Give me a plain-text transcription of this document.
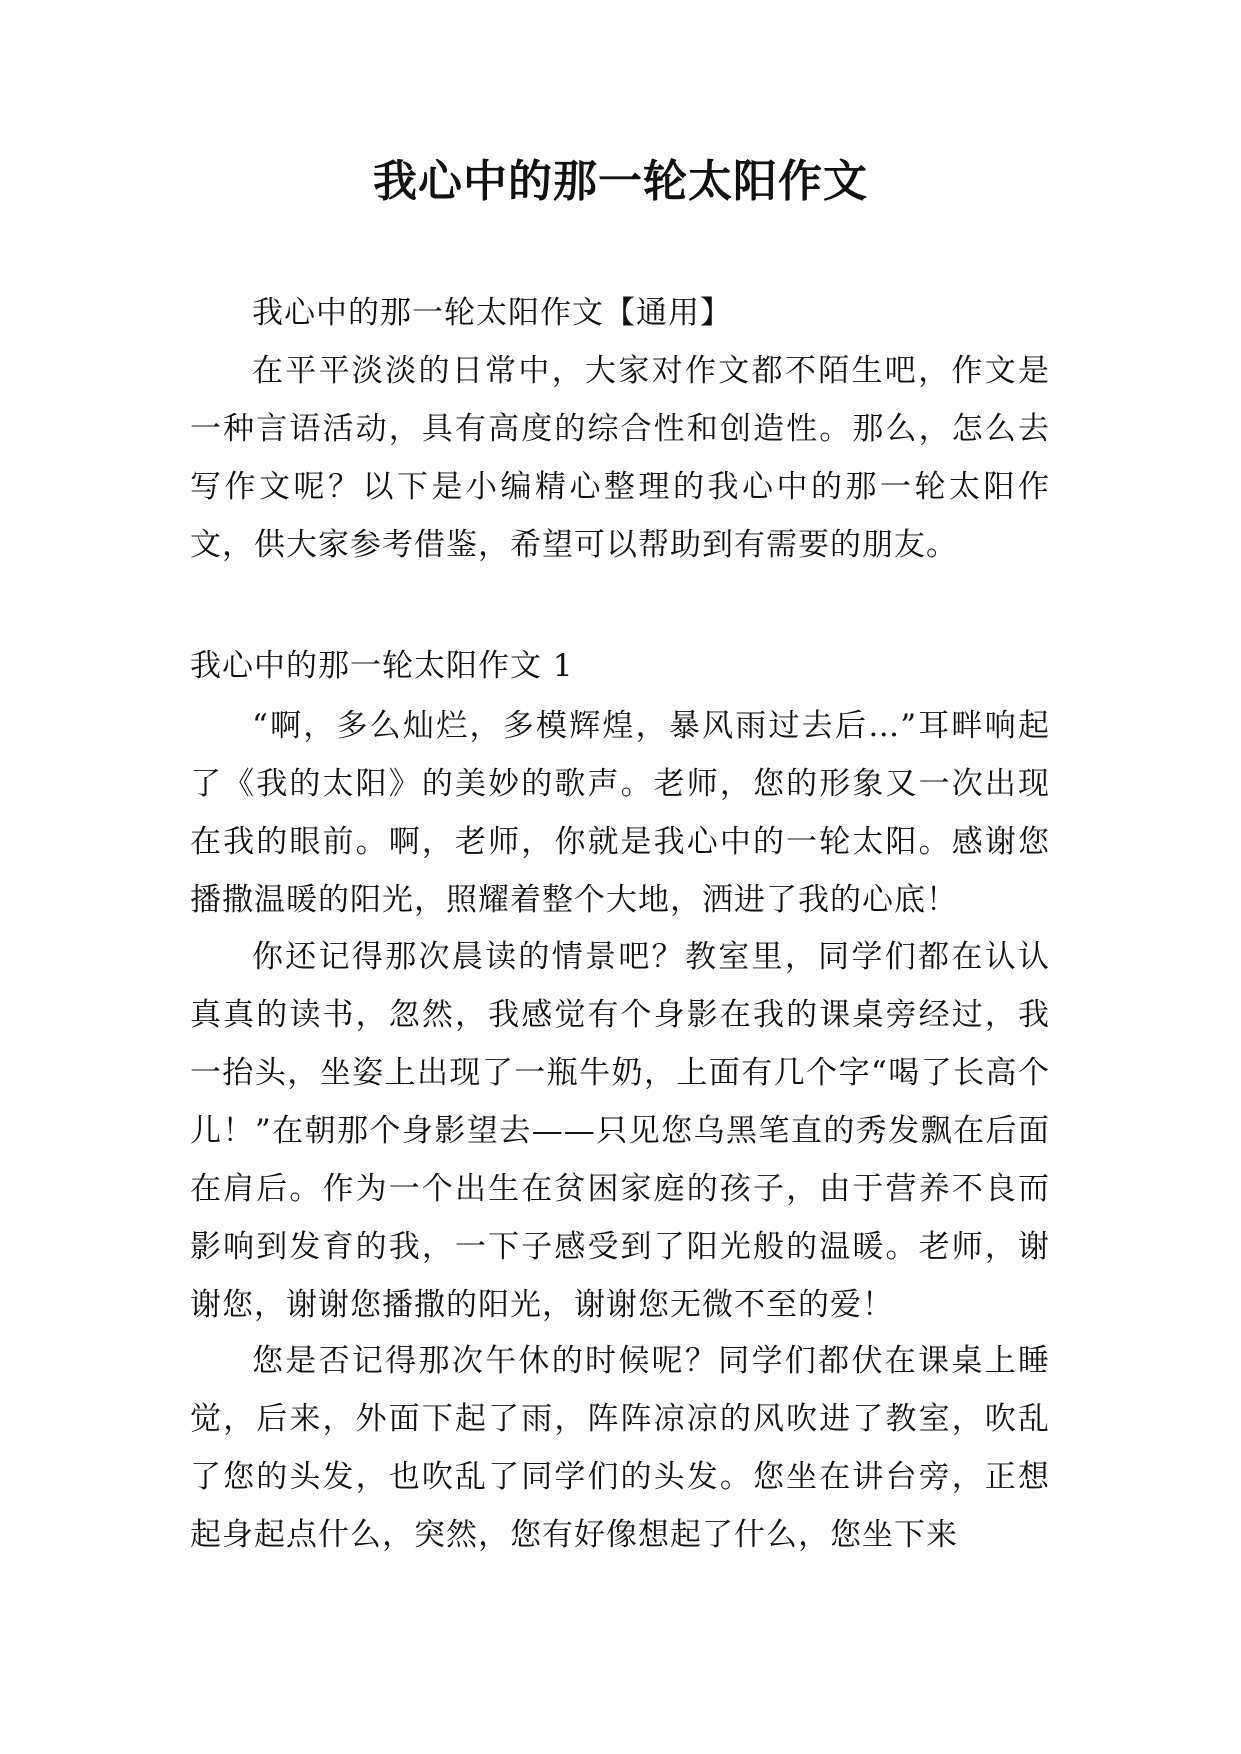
我心中的那一轮太阳作文

我心中的那一轮太阳作文【通用】

在平平淡淡的日常中，大家对作文都不陌生吧，作文是一种言语活动，具有高度的综合性和创造性。那么，怎么去写作文呢？以下是小编精心整理的我心中的那一轮太阳作文，供大家参考借鉴，希望可以帮助到有需要的朋友。

我心中的那一轮太阳作文 1

“啊，多么灿烂，多模辉煌，暴风雨过去后…”耳畔响起了《我的太阳》的美妙的歌声。老师，您的形象又一次出现在我的眼前。啊，老师，你就是我心中的一轮太阳。感谢您播撒温暖的阳光，照耀着整个大地，洒进了我的心底！

你还记得那次晨读的情景吧？教室里，同学们都在认认真真的读书，忽然，我感觉有个身影在我的课桌旁经过，我一抬头，坐姿上出现了一瓶牛奶，上面有几个字“喝了长高个儿！”在朝那个身影望去——只见您乌黑笔直的秀发飘在后面在肩后。作为一个出生在贫困家庭的孩子，由于营养不良而影响到发育的我，一下子感受到了阳光般的温暖。老师，谢谢您，谢谢您播撒的阳光，谢谢您无微不至的爱！

您是否记得那次午休的时候呢？同学们都伏在课桌上睡觉，后来，外面下起了雨，阵阵凉凉的风吹进了教室，吹乱了您的头发，也吹乱了同学们的头发。您坐在讲台旁，正想起身起点什么，突然，您有好像想起了什么，您坐下来
